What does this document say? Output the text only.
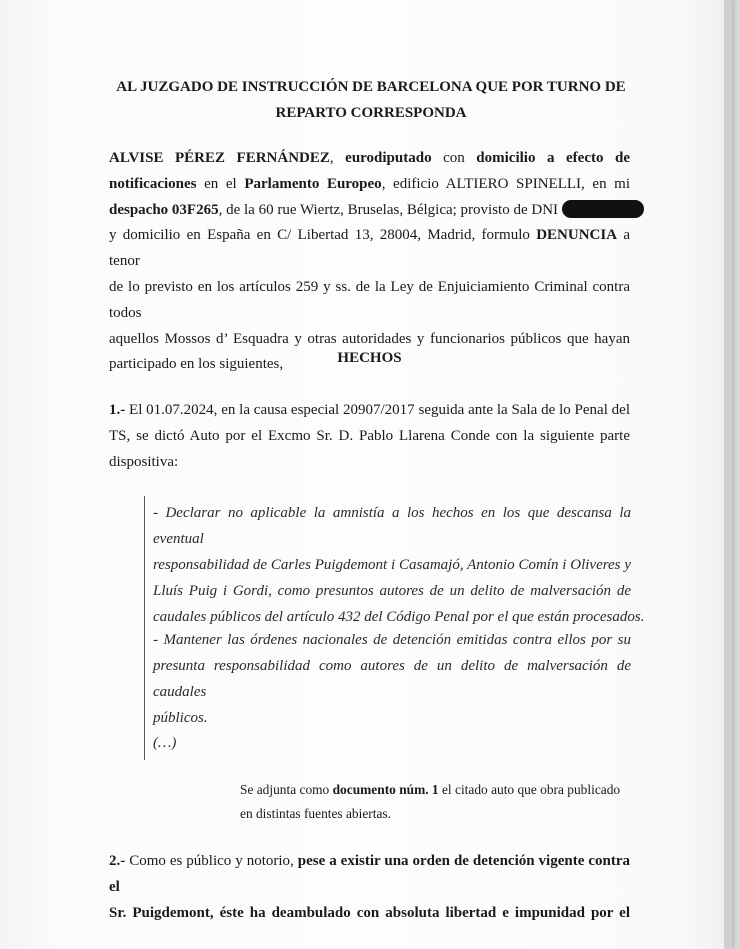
AL JUZGADO DE INSTRUCCIÓN DE BARCELONA QUE POR TURNO DE
REPARTO CORRESPONDA
ALVISE PÉREZ FERNÁNDEZ, eurodiputado con domicilio a efecto de
notificaciones en el Parlamento Europeo, edificio ALTIERO SPINELLI, en mi
despacho 03F265, de la 60 rue Wiertz, Bruselas, Bélgica; provisto de DNI
y domicilio en España en C/ Libertad 13, 28004, Madrid, formulo DENUNCIA a tenor
de lo previsto en los artículos 259 y ss. de la Ley de Enjuiciamiento Criminal contra todos
aquellos Mossos d’ Esquadra y otras autoridades y funcionarios públicos que hayan
participado en los siguientes,	HECHOS
1.- El 01.07.2024, en la causa especial 20907/2017 seguida ante la Sala de lo Penal del
TS, se dictó Auto por el Excmo Sr. D. Pablo Llarena Conde con la siguiente parte
dispositiva:
- Declarar no aplicable la amnistía a los hechos en los que descansa la eventual
responsabilidad de Carles Puigdemont i Casamajó, Antonio Comín i Oliveres y
Lluís Puig i Gordi, como presuntos autores de un delito de malversación de
caudales públicos del artículo 432 del Código Penal por el que están procesados.
- Mantener las órdenes nacionales de detención emitidas contra ellos por su
presunta responsabilidad como autores de un delito de malversación de caudales
públicos.
(…)
Se adjunta como documento núm. 1 el citado auto que obra publicado
en distintas fuentes abiertas.
2.- Como es público y notorio, pese a existir una orden de detención vigente contra el
Sr. Puigdemont, éste ha deambulado con absoluta libertad e impunidad por el
